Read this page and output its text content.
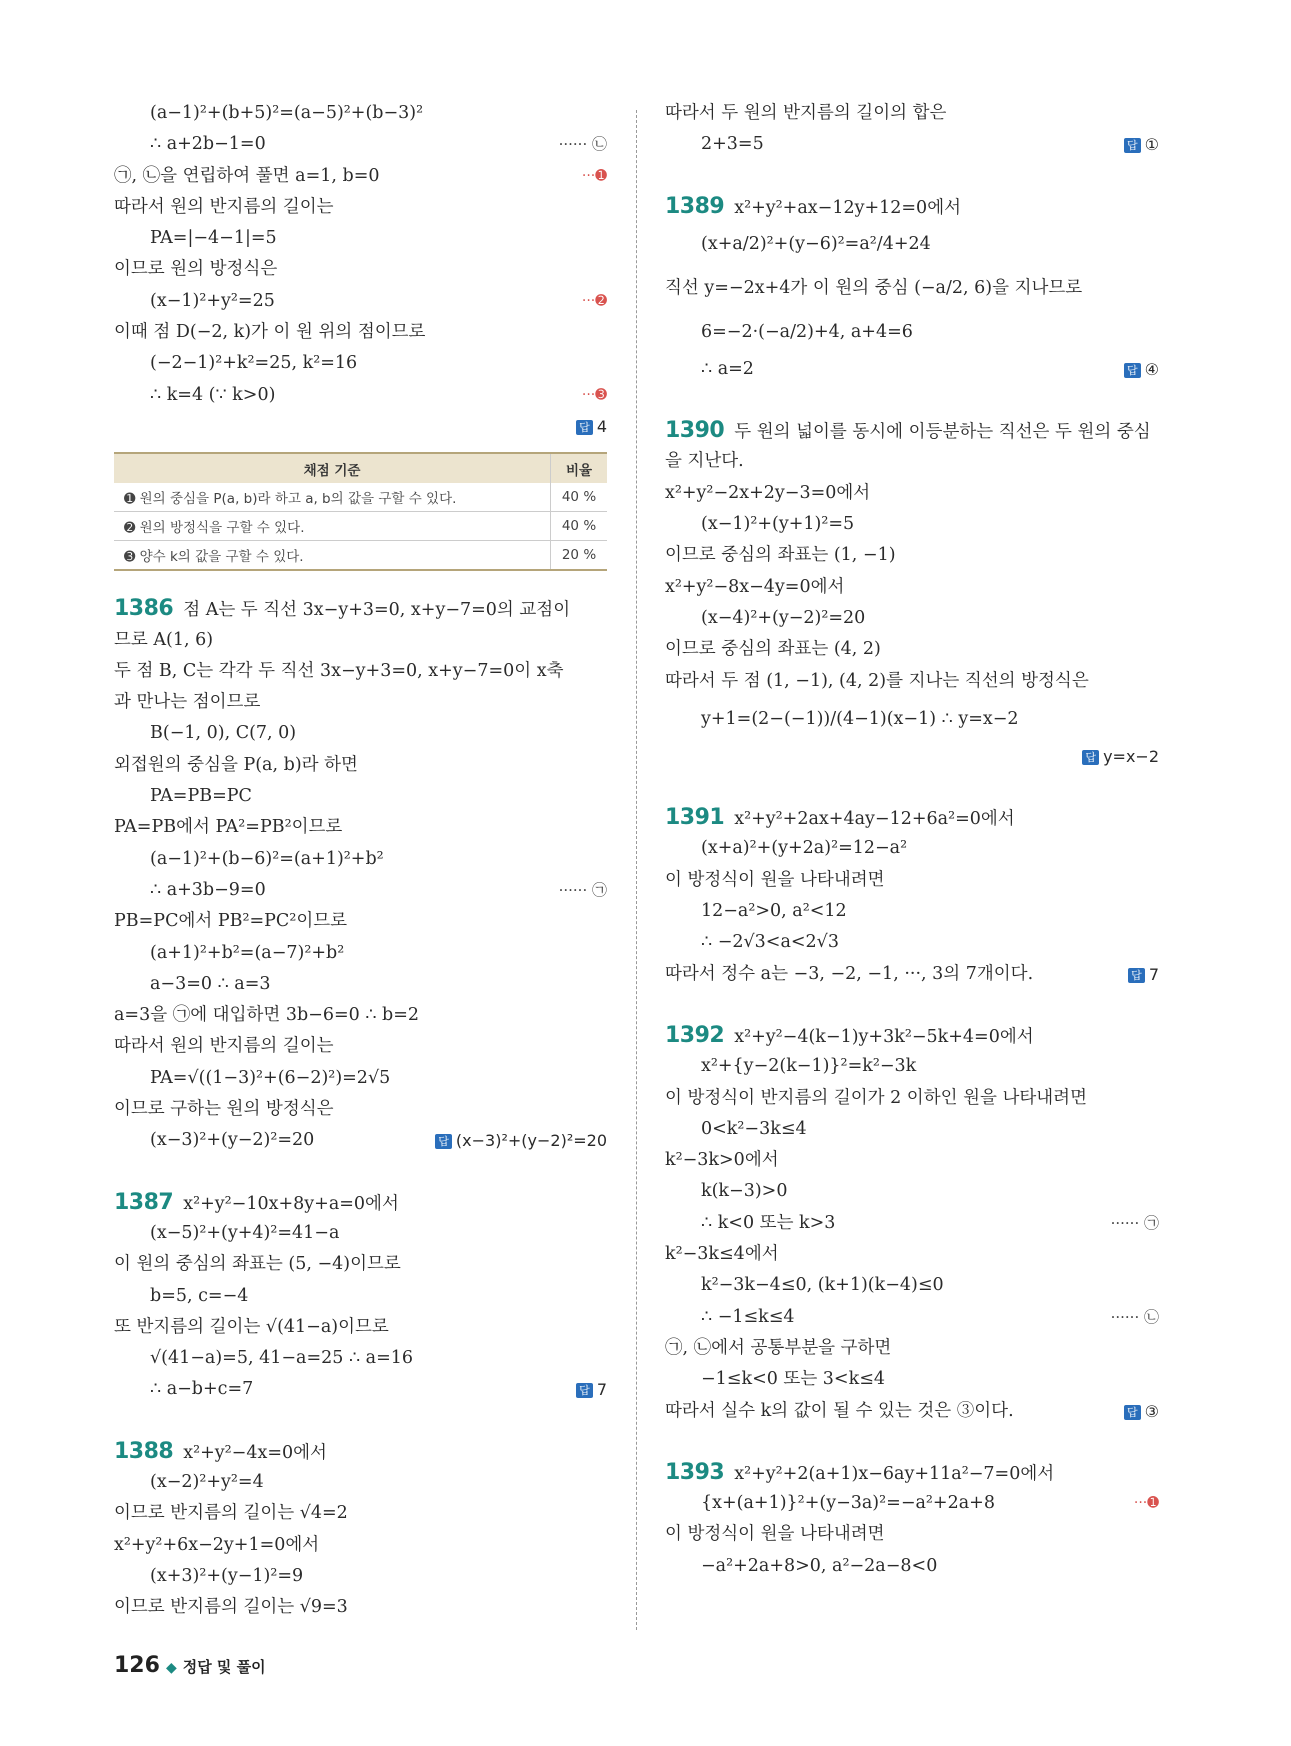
(a−1)²+(b+5)²=(a−5)²+(b−3)²
∴ a+2b−1=0	······ ㉡
㉠, ㉡을 연립하여 풀면 a=1, b=0	···➊
따라서 원의 반지름의 길이는
PA=|−4−1|=5
이므로 원의 방정식은
(x−1)²+y²=25	···➋
이때 점 D(−2, k)가 이 원 위의 점이므로
(−2−1)²+k²=25, k²=16
∴ k=4 (∵ k>0)	···➌
답 4
채점 기준	비율
➊ 원의 중심을 P(a, b)라 하고 a, b의 값을 구할 수 있다.	40 %
➋ 원의 방정식을 구할 수 있다.	40 %
➌ 양수 k의 값을 구할 수 있다.	20 %
1386 점 A는 두 직선 3x−y+3=0, x+y−7=0의 교점이
므로 A(1, 6)
두 점 B, C는 각각 두 직선 3x−y+3=0, x+y−7=0이 x축
과 만나는 점이므로
B(−1, 0), C(7, 0)
외접원의 중심을 P(a, b)라 하면
PA=PB=PC
PA=PB에서 PA²=PB²이므로
(a−1)²+(b−6)²=(a+1)²+b²
∴ a+3b−9=0	······ ㉠
PB=PC에서 PB²=PC²이므로
(a+1)²+b²=(a−7)²+b²
a−3=0 ∴ a=3
a=3을 ㉠에 대입하면 3b−6=0 ∴ b=2
따라서 원의 반지름의 길이는
PA=√((1−3)²+(6−2)²)=2√5
이므로 구하는 원의 방정식은
(x−3)²+(y−2)²=20	답 (x−3)²+(y−2)²=20
1387 x²+y²−10x+8y+a=0에서
(x−5)²+(y+4)²=41−a
이 원의 중심의 좌표는 (5, −4)이므로
b=5, c=−4
또 반지름의 길이는 √(41−a)이므로
√(41−a)=5, 41−a=25 ∴ a=16
∴ a−b+c=7	답 7
1388 x²+y²−4x=0에서
(x−2)²+y²=4
이므로 반지름의 길이는 √4=2
x²+y²+6x−2y+1=0에서
(x+3)²+(y−1)²=9
이므로 반지름의 길이는 √9=3
따라서 두 원의 반지름의 길이의 합은
2+3=5	답 ①
1389 x²+y²+ax−12y+12=0에서
(x+a/2)²+(y−6)²=a²/4+24
직선 y=−2x+4가 이 원의 중심 (−a/2, 6)을 지나므로
6=−2·(−a/2)+4, a+4=6
∴ a=2	답 ④
1390 두 원의 넓이를 동시에 이등분하는 직선은 두 원의 중심
을 지난다.
x²+y²−2x+2y−3=0에서
(x−1)²+(y+1)²=5
이므로 중심의 좌표는 (1, −1)
x²+y²−8x−4y=0에서
(x−4)²+(y−2)²=20
이므로 중심의 좌표는 (4, 2)
따라서 두 점 (1, −1), (4, 2)를 지나는 직선의 방정식은
y+1=(2−(−1))/(4−1)(x−1) ∴ y=x−2
답 y=x−2
1391 x²+y²+2ax+4ay−12+6a²=0에서
(x+a)²+(y+2a)²=12−a²
이 방정식이 원을 나타내려면
12−a²>0, a²<12
∴ −2√3<a<2√3
따라서 정수 a는 −3, −2, −1, ···, 3의 7개이다.	답 7
1392 x²+y²−4(k−1)y+3k²−5k+4=0에서
x²+{y−2(k−1)}²=k²−3k
이 방정식이 반지름의 길이가 2 이하인 원을 나타내려면
0<k²−3k≤4
k²−3k>0에서
k(k−3)>0
∴ k<0 또는 k>3	······ ㉠
k²−3k≤4에서
k²−3k−4≤0, (k+1)(k−4)≤0
∴ −1≤k≤4	······ ㉡
㉠, ㉡에서 공통부분을 구하면
−1≤k<0 또는 3<k≤4
따라서 실수 k의 값이 될 수 있는 것은 ③이다.	답 ③
1393 x²+y²+2(a+1)x−6ay+11a²−7=0에서
{x+(a+1)}²+(y−3a)²=−a²+2a+8	···➊
이 방정식이 원을 나타내려면
−a²+2a+8>0, a²−2a−8<0
126 ◆ 정답 및 풀이
